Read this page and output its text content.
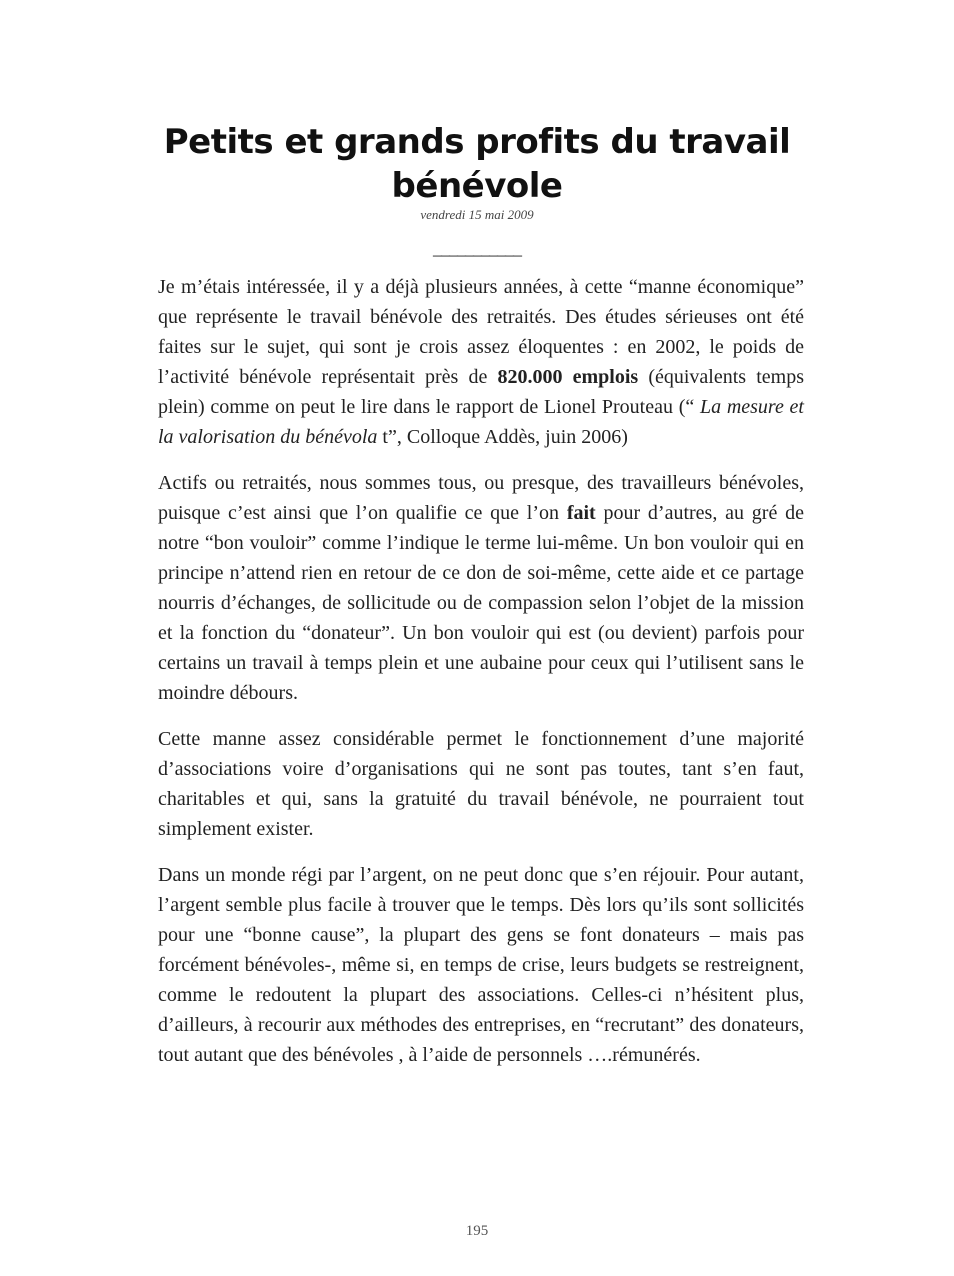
Petits et grands profits du travail bénévole
vendredi 15 mai 2009
___________

Je m’étais intéressée, il y a déjà plusieurs années, à cette “manne économique” que représente le travail bénévole des retraités. Des études sérieuses ont été faites sur le sujet, qui sont je crois assez éloquentes : en 2002, le poids de l’activité bénévole représentait près de 820.000 emplois (équivalents temps plein) comme on peut le lire dans le rapport de Lionel Prouteau (“ La mesure et la valorisation du bénévola t”, Colloque Addès, juin 2006)

Actifs ou retraités, nous sommes tous, ou presque, des travailleurs bénévoles, puisque c’est ainsi que l’on qualifie ce que l’on fait pour d’autres, au gré de notre “bon vouloir” comme l’indique le terme lui-même. Un bon vouloir qui en principe n’attend rien en retour de ce don de soi-même, cette aide et ce partage nourris d’échanges, de sollicitude ou de compassion selon l’objet de la mission et la fonction du “donateur”. Un bon vouloir qui est (ou devient) parfois pour certains un travail à temps plein et une aubaine pour ceux qui l’utilisent sans le moindre débours.

Cette manne assez considérable permet le fonctionnement d’une majorité d’associations voire d’organisations qui ne sont pas toutes, tant s’en faut, charitables et qui, sans la gratuité du travail bénévole, ne pourraient tout simplement exister.

Dans un monde régi par l’argent, on ne peut donc que s’en réjouir. Pour autant, l’argent semble plus facile à trouver que le temps. Dès lors qu’ils sont sollicités pour une “bonne cause”, la plupart des gens se font donateurs – mais pas forcément bénévoles-, même si, en temps de crise, leurs budgets se restreignent, comme le redoutent la plupart des associations. Celles-ci n’hésitent plus, d’ailleurs, à recourir aux méthodes des entreprises, en “recrutant” des donateurs, tout autant que des bénévoles , à l’aide de personnels ….rémunérés.

195
